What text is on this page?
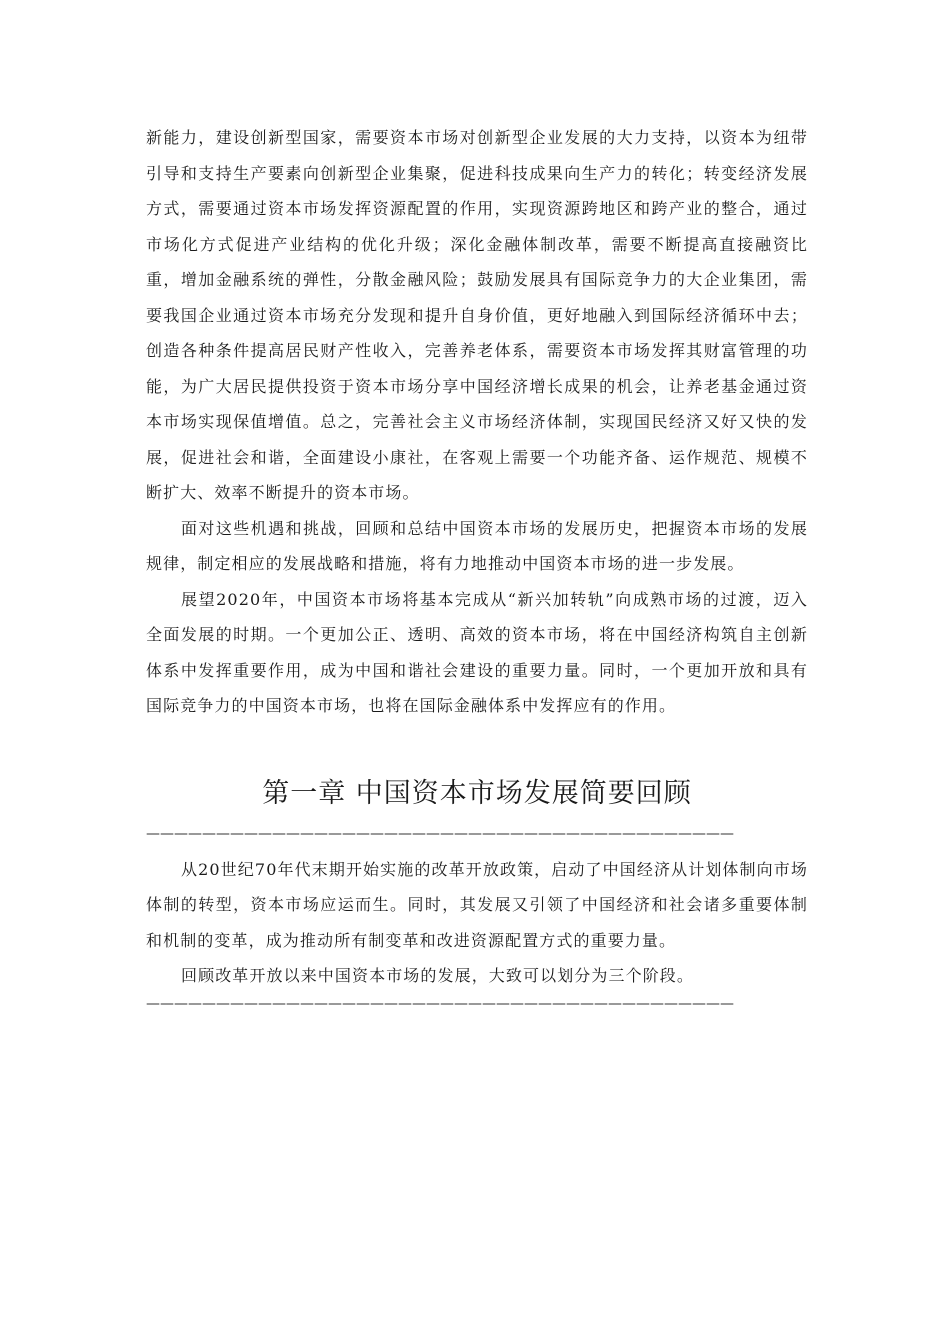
新能力，建设创新型国家，需要资本市场对创新型企业发展的大力支持，以资本为纽带引导和支持生产要素向创新型企业集聚，促进科技成果向生产力的转化；转变经济发展方式，需要通过资本市场发挥资源配置的作用，实现资源跨地区和跨产业的整合，通过市场化方式促进产业结构的优化升级；深化金融体制改革，需要不断提高直接融资比重，增加金融系统的弹性，分散金融风险；鼓励发展具有国际竞争力的大企业集团，需要我国企业通过资本市场充分发现和提升自身价值，更好地融入到国际经济循环中去；创造各种条件提高居民财产性收入，完善养老体系，需要资本市场发挥其财富管理的功能，为广大居民提供投资于资本市场分享中国经济增长成果的机会，让养老基金通过资本市场实现保值增值。总之，完善社会主义市场经济体制，实现国民经济又好又快的发展，促进社会和谐，全面建设小康社，在客观上需要一个功能齐备、运作规范、规模不断扩大、效率不断提升的资本市场。

面对这些机遇和挑战，回顾和总结中国资本市场的发展历史，把握资本市场的发展规律，制定相应的发展战略和措施，将有力地推动中国资本市场的进一步发展。

展望2020年，中国资本市场将基本完成从“新兴加转轨”向成熟市场的过渡，迈入全面发展的时期。一个更加公正、透明、高效的资本市场，将在中国经济构筑自主创新体系中发挥重要作用，成为中国和谐社会建设的重要力量。同时，一个更加开放和具有国际竞争力的中国资本市场，也将在国际金融体系中发挥应有的作用。

第一章 中国资本市场发展简要回顾
——————————————————————————————————————————

从20世纪70年代末期开始实施的改革开放政策，启动了中国经济从计划体制向市场体制的转型，资本市场应运而生。同时，其发展又引领了中国经济和社会诸多重要体制和机制的变革，成为推动所有制变革和改进资源配置方式的重要力量。

回顾改革开放以来中国资本市场的发展，大致可以划分为三个阶段。

——————————————————————————————————————————
